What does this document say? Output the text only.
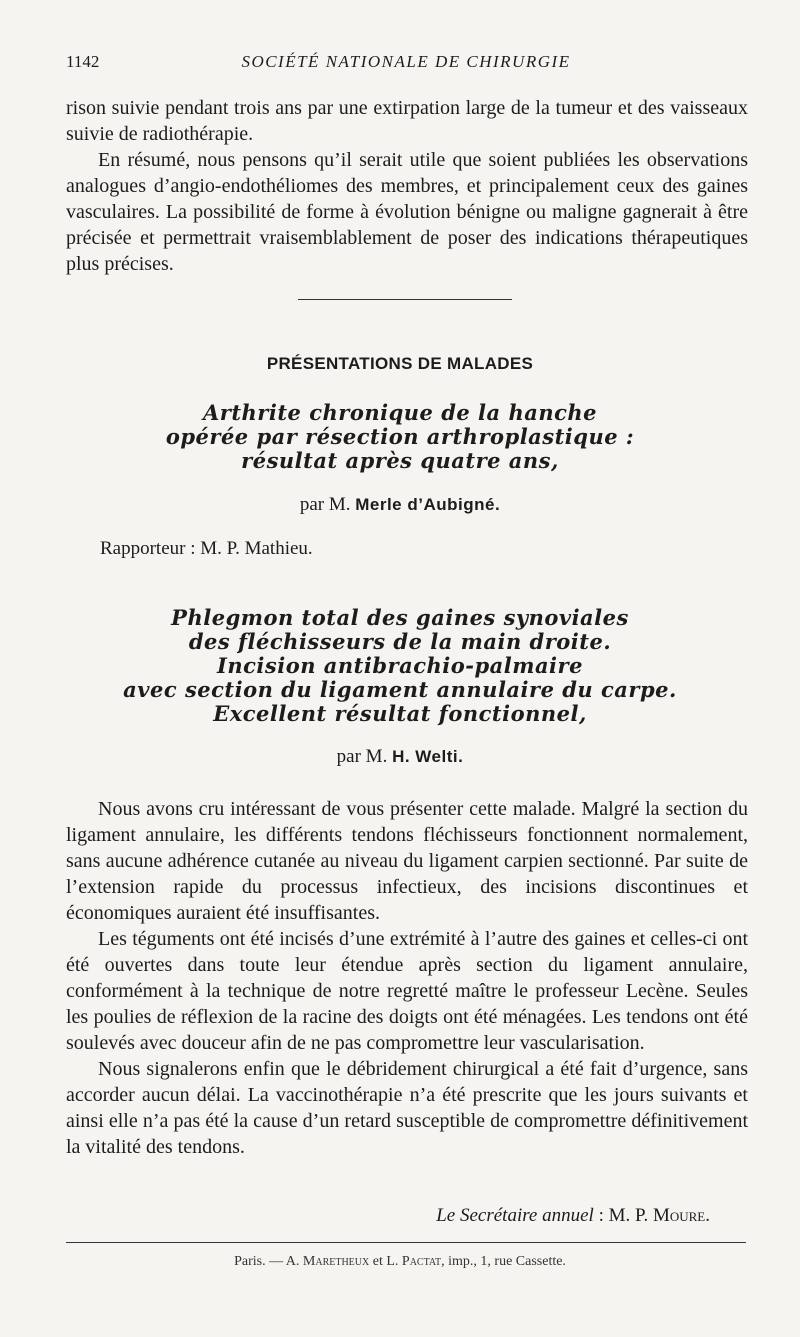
1142	SOCIÉTÉ NATIONALE DE CHIRURGIE

rison suivie pendant trois ans par une extirpation large de la tumeur et des vaisseaux suivie de radiothérapie.

En résumé, nous pensons qu’il serait utile que soient publiées les observations analogues d’angio-endothéliomes des membres, et principalement ceux des gaines vasculaires. La possibilité de forme à évolution bénigne ou maligne gagnerait à être précisée et permettrait vraisemblablement de poser des indications thérapeutiques plus précises.

PRÉSENTATIONS DE MALADES
Arthrite chronique de la hanche
opérée par résection arthroplastique :
résultat après quatre ans,
par M. Merle d’Aubigné.
Rapporteur : M. P. Mathieu.
Phlegmon total des gaines synoviales
des fléchisseurs de la main droite.
Incision antibrachio-palmaire
avec section du ligament annulaire du carpe.
Excellent résultat fonctionnel,
par M. H. Welti.

Nous avons cru intéressant de vous présenter cette malade. Malgré la section du ligament annulaire, les différents tendons fléchisseurs fonctionnent normalement, sans aucune adhérence cutanée au niveau du ligament carpien sectionné. Par suite de l’extension rapide du processus infectieux, des incisions discontinues et économiques auraient été insuffisantes.

Les téguments ont été incisés d’une extrémité à l’autre des gaines et celles-ci ont été ouvertes dans toute leur étendue après section du ligament annulaire, conformément à la technique de notre regretté maître le professeur Lecène. Seules les poulies de réflexion de la racine des doigts ont été ménagées. Les tendons ont été soulevés avec douceur afin de ne pas compromettre leur vascularisation.

Nous signalerons enfin que le débridement chirurgical a été fait d’urgence, sans accorder aucun délai. La vaccinothérapie n’a été prescrite que les jours suivants et ainsi elle n’a pas été la cause d’un retard susceptible de compromettre définitivement la vitalité des tendons.

Le Secrétaire annuel : M. P. Moure.
Paris. — A. Maretheux et L. Pactat, imp., 1, rue Cassette.
